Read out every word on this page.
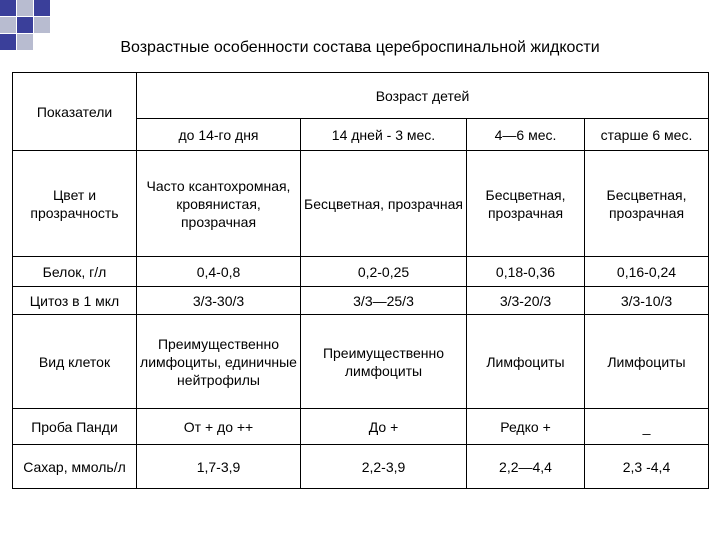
Возрастные особенности состава цереброспинальной жидкости
Показатели	Возраст детей			
	до 14-го дня	14 дней - 3 мес.	4—6 мес.	старше 6 мес.
Цвет и прозрачность	Часто ксантохромная, кровянистая, прозрачная	Бесцветная, прозрачная	Бесцветная, прозрачная	Бесцветная, прозрачная
Белок, г/л	0,4-0,8	0,2-0,25	0,18-0,36	0,16-0,24
Цитоз в 1 мкл	3/3-30/3	3/3—25/3	3/3-20/3	3/3-10/3
Вид клеток	Преимущественно лимфоциты, единичные нейтрофилы	Преимущественно лимфоциты	Лимфоциты	Лимфоциты
Проба Панди	От + до ++	До +	Редко +	_
Сахар, ммоль/л	1,7-3,9	2,2-3,9	2,2—4,4	2,3 -4,4
